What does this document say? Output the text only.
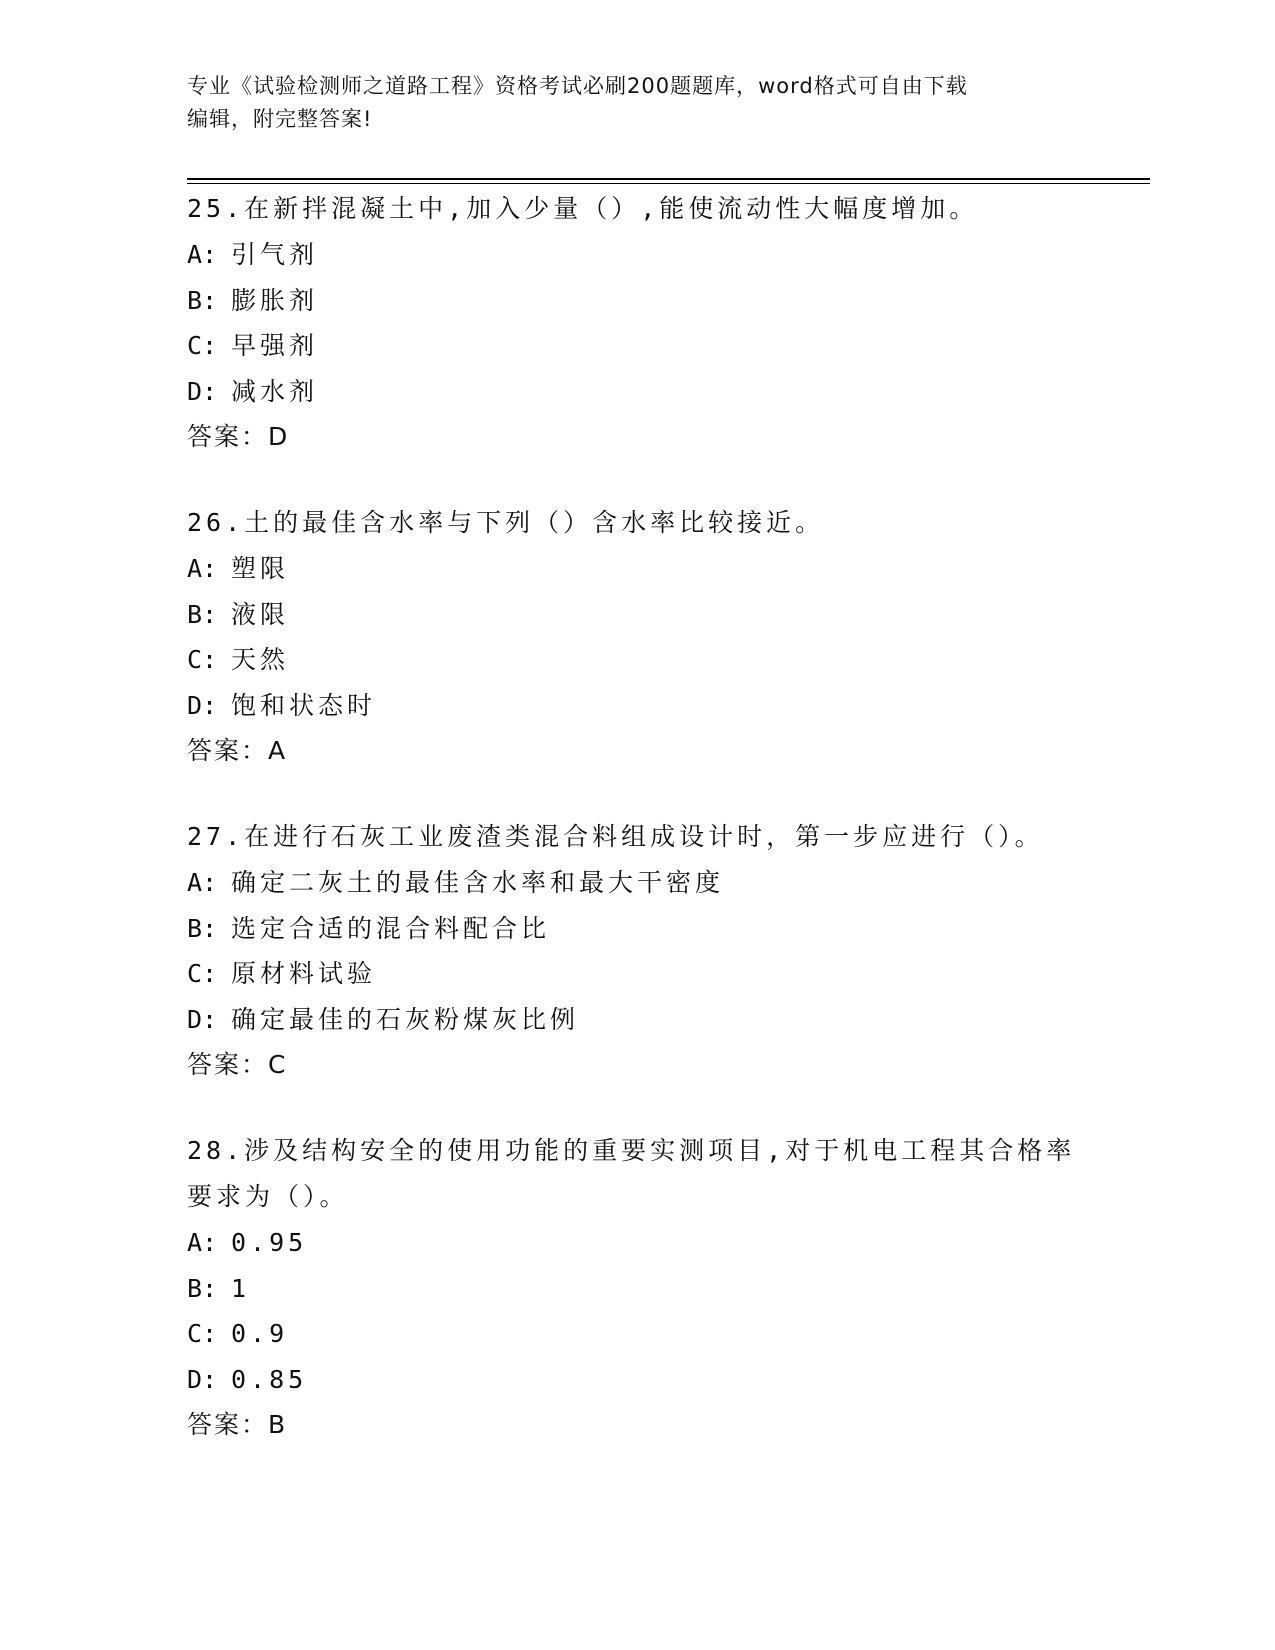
专业《试验检测师之道路工程》资格考试必刷200题题库，word格式可自由下载
编辑，附完整答案!

25.在新拌混凝土中,加入少量（）,能使流动性大幅度增加。

A: 引气剂

B: 膨胀剂

C: 早强剂

D: 减水剂

答案：D

26.土的最佳含水率与下列（）含水率比较接近。

A: 塑限

B: 液限

C: 天然

D: 饱和状态时

答案：A

27.在进行石灰工业废渣类混合料组成设计时，第一步应进行（）。

A: 确定二灰土的最佳含水率和最大干密度

B: 选定合适的混合料配合比

C: 原材料试验

D: 确定最佳的石灰粉煤灰比例

答案：C

28.涉及结构安全的使用功能的重要实测项目,对于机电工程其合格率要求为（）。

A: 0.95

B: 1

C: 0.9

D: 0.85

答案：B
